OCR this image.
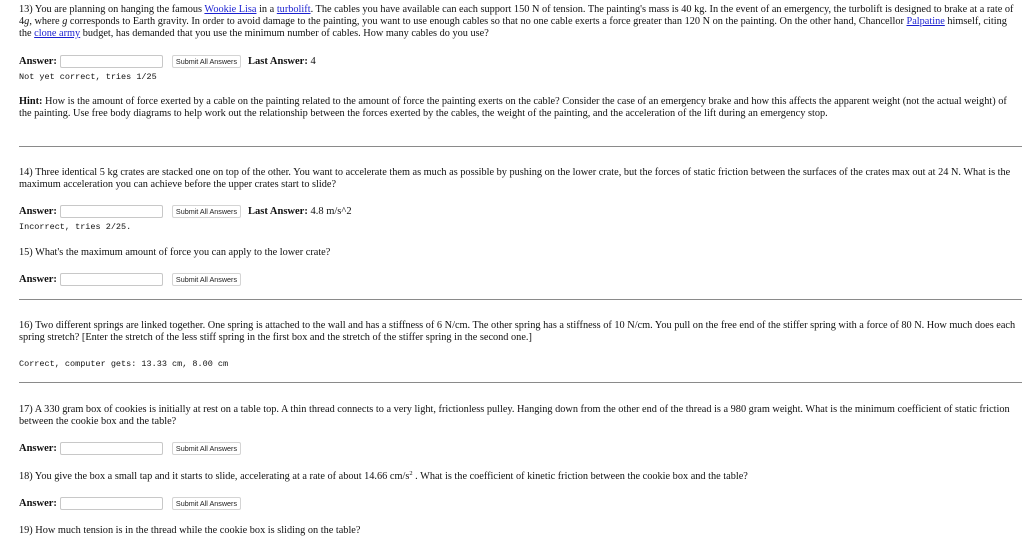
13) You are planning on hanging the famous Wookie Lisa in a turbolift. The cables you have available can each support 150 N of tension. The painting's mass is 40 kg. In the event of an emergency, the turbolift is designed to brake at a rate of 4g, where g corresponds to Earth gravity. In order to avoid damage to the painting, you want to use enough cables so that no one cable exerts a force greater than 120 N on the painting. On the other hand, Chancellor Palpatine himself, citing the clone army budget, has demanded that you use the minimum number of cables. How many cables do you use?

Answer:	Submit All Answers	Last Answer: 4
Not yet correct, tries 1/25

Hint: How is the amount of force exerted by a cable on the painting related to the amount of force the painting exerts on the cable? Consider the case of an emergency brake and how this affects the apparent weight (not the actual weight) of the painting. Use free body diagrams to help work out the relationship between the forces exerted by the cables, the weight of the painting, and the acceleration of the lift during an emergency stop.

14) Three identical 5 kg crates are stacked one on top of the other. You want to accelerate them as much as possible by pushing on the lower crate, but the forces of static friction between the surfaces of the crates max out at 24 N. What is the maximum acceleration you can achieve before the upper crates start to slide?

Answer:	Submit All Answers	Last Answer: 4.8 m/s^2
Incorrect, tries 2/25.

15) What's the maximum amount of force you can apply to the lower crate?

Answer:	Submit All Answers

16) Two different springs are linked together. One spring is attached to the wall and has a stiffness of 6 N/cm. The other spring has a stiffness of 10 N/cm. You pull on the free end of the stiffer spring with a force of 80 N. How much does each spring stretch? [Enter the stretch of the less stiff spring in the first box and the stretch of the stiffer spring in the second one.]

Correct, computer gets: 13.33 cm, 8.00 cm

17) A 330 gram box of cookies is initially at rest on a table top. A thin thread connects to a very light, frictionless pulley. Hanging down from the other end of the thread is a 980 gram weight. What is the minimum coefficient of static friction between the cookie box and the table?

Answer:	Submit All Answers

18) You give the box a small tap and it starts to slide, accelerating at a rate of about 14.66 $cm/s^2$ . What is the coefficient of kinetic friction between the cookie box and the table?

Answer:	Submit All Answers

19) How much tension is in the thread while the cookie box is sliding on the table?
